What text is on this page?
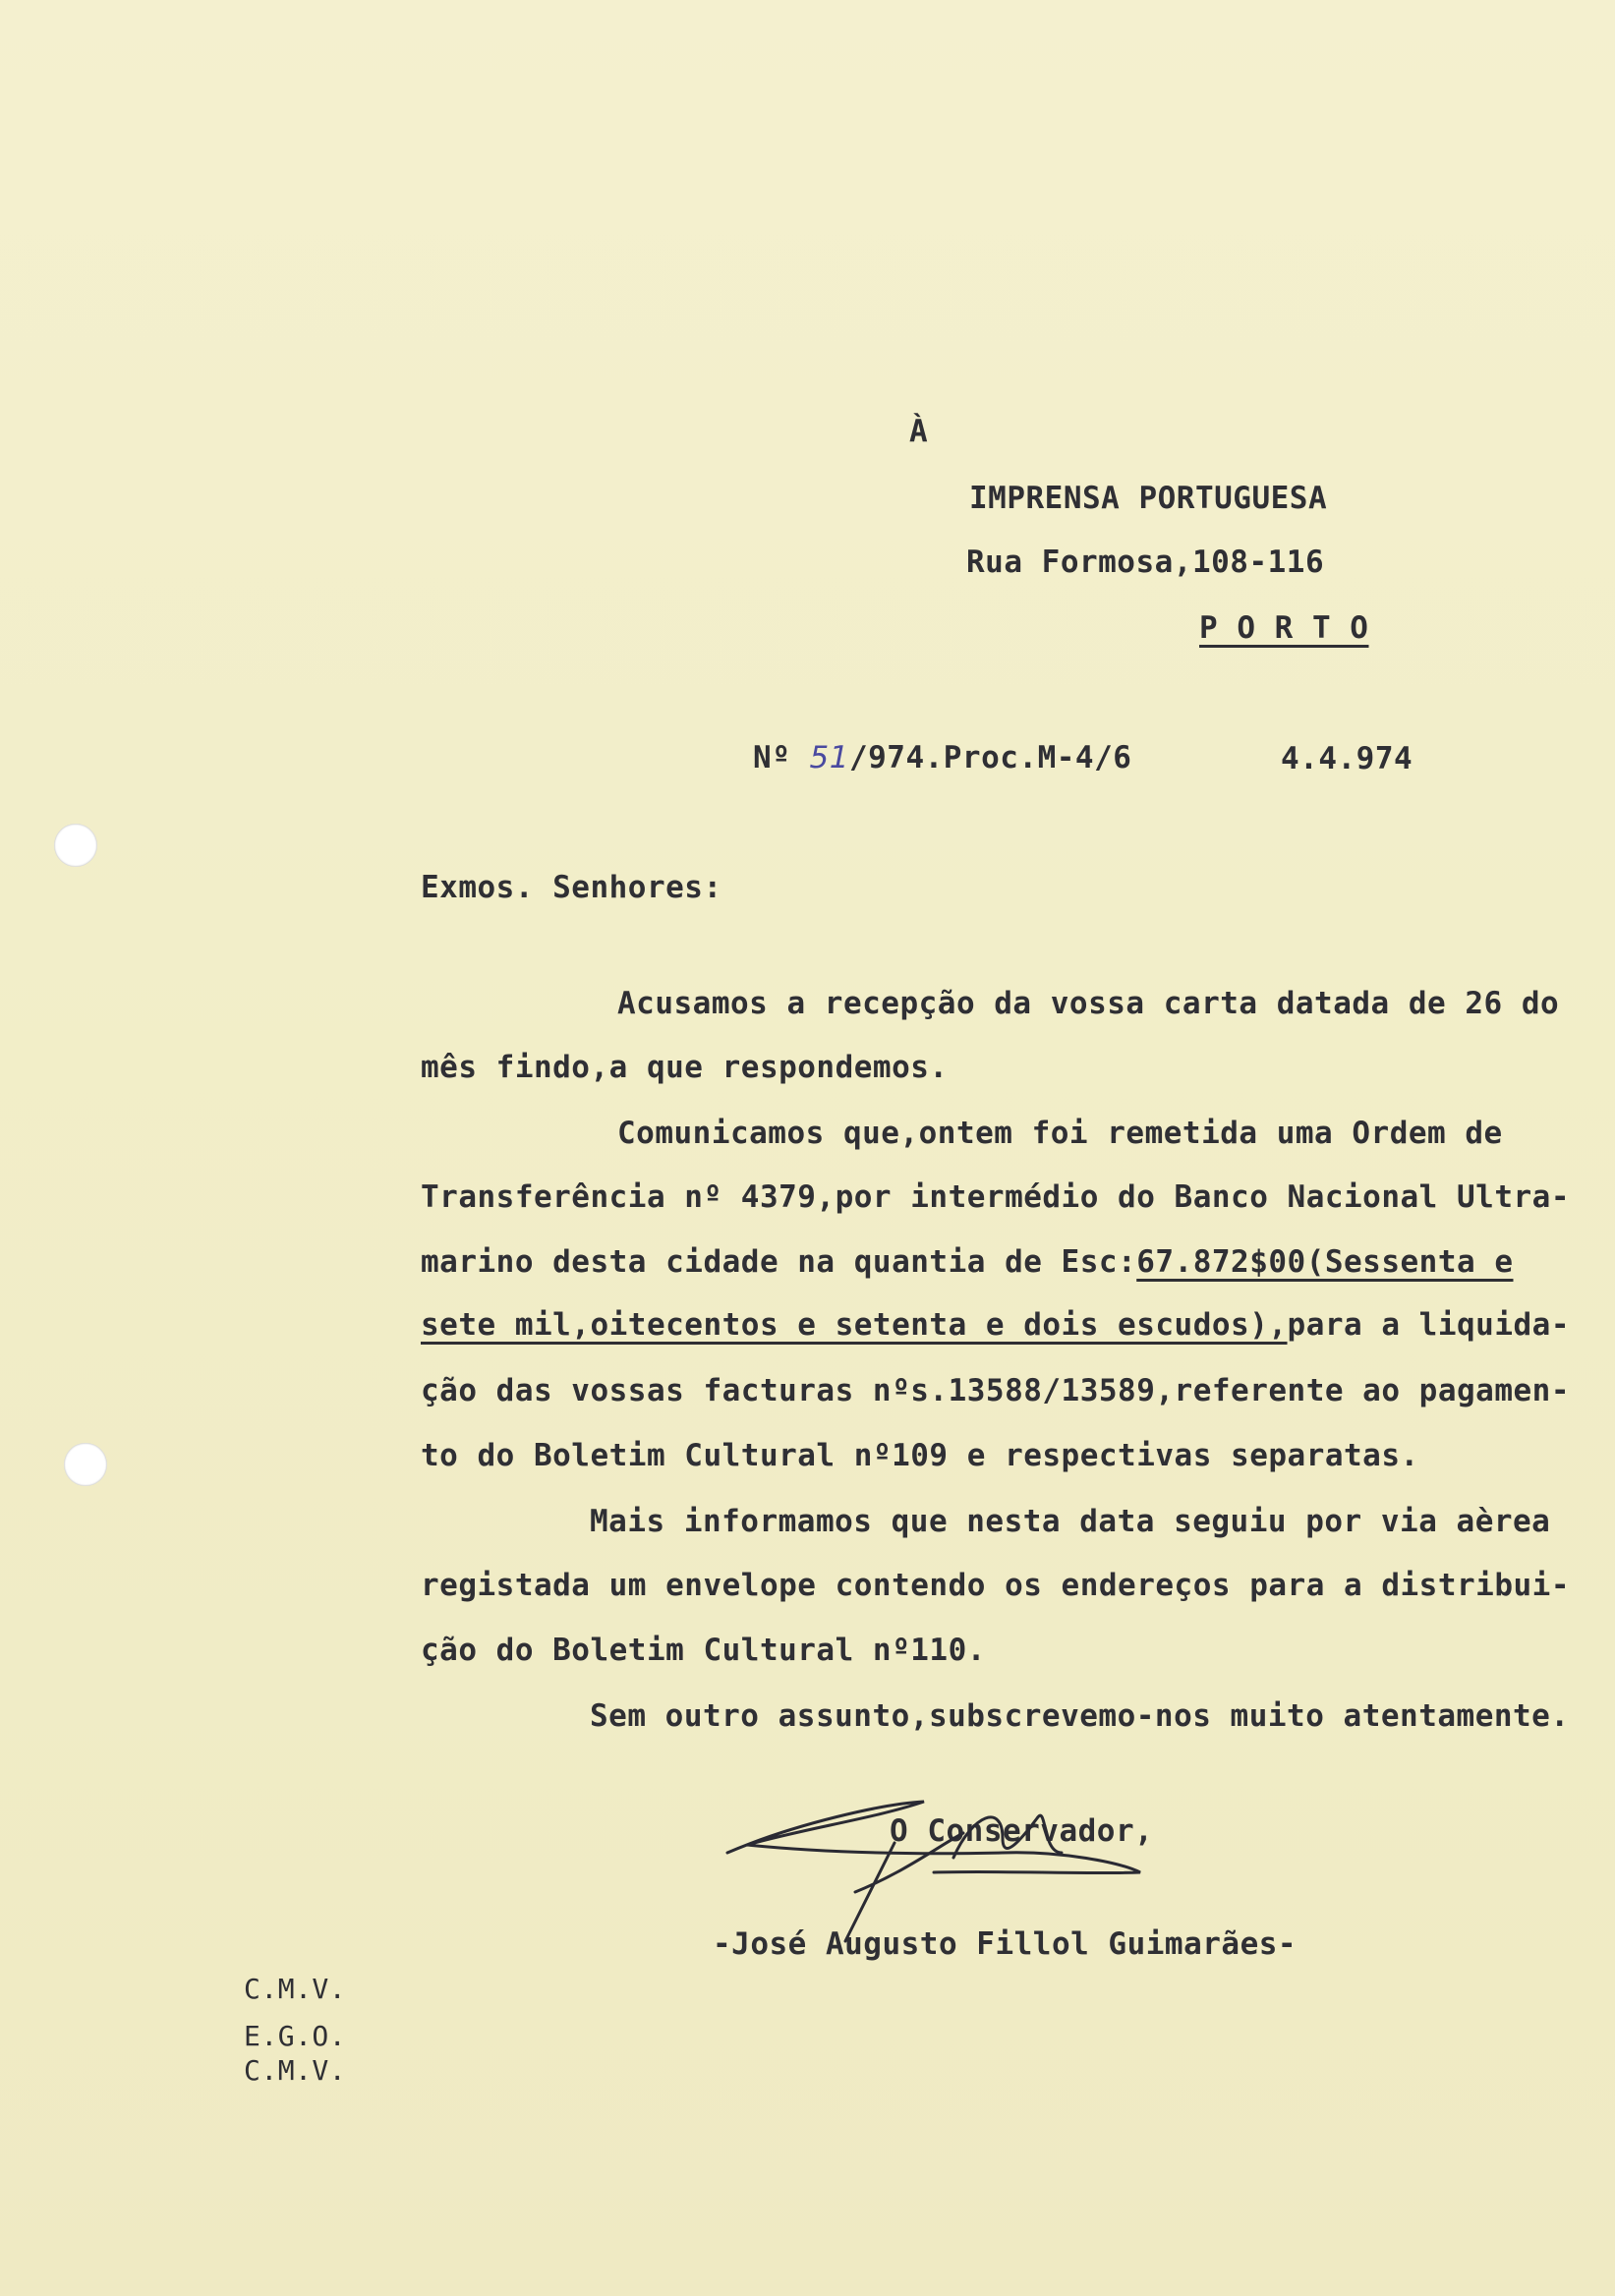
À
IMPRENSA PORTUGUESA
Rua Formosa,108-116
P O R T O
Nº 51/974.Proc.M-4/6	4.4.974
Exmos. Senhores:
Acusamos a recepção da vossa carta datada de 26 do
mês findo,a que respondemos.
Comunicamos que,ontem foi remetida uma Ordem de
Transferência nº 4379,por intermédio do Banco Nacional Ultra-
marino desta cidade na quantia de Esc:67.872$00(Sessenta e
sete mil,oitecentos e setenta e dois escudos),para a liquida-
ção das vossas facturas nºs.13588/13589,referente ao pagamen-
to do Boletim Cultural nº109 e respectivas separatas.
Mais informamos que nesta data seguiu por via aèrea
registada um envelope contendo os endereços para a distribui-
ção do Boletim Cultural nº110.
Sem outro assunto,subscrevemo-nos muito atentamente.
O Conservador,
-José Augusto Fillol Guimarães-
C.M.V.
E.G.O.
C.M.V.
